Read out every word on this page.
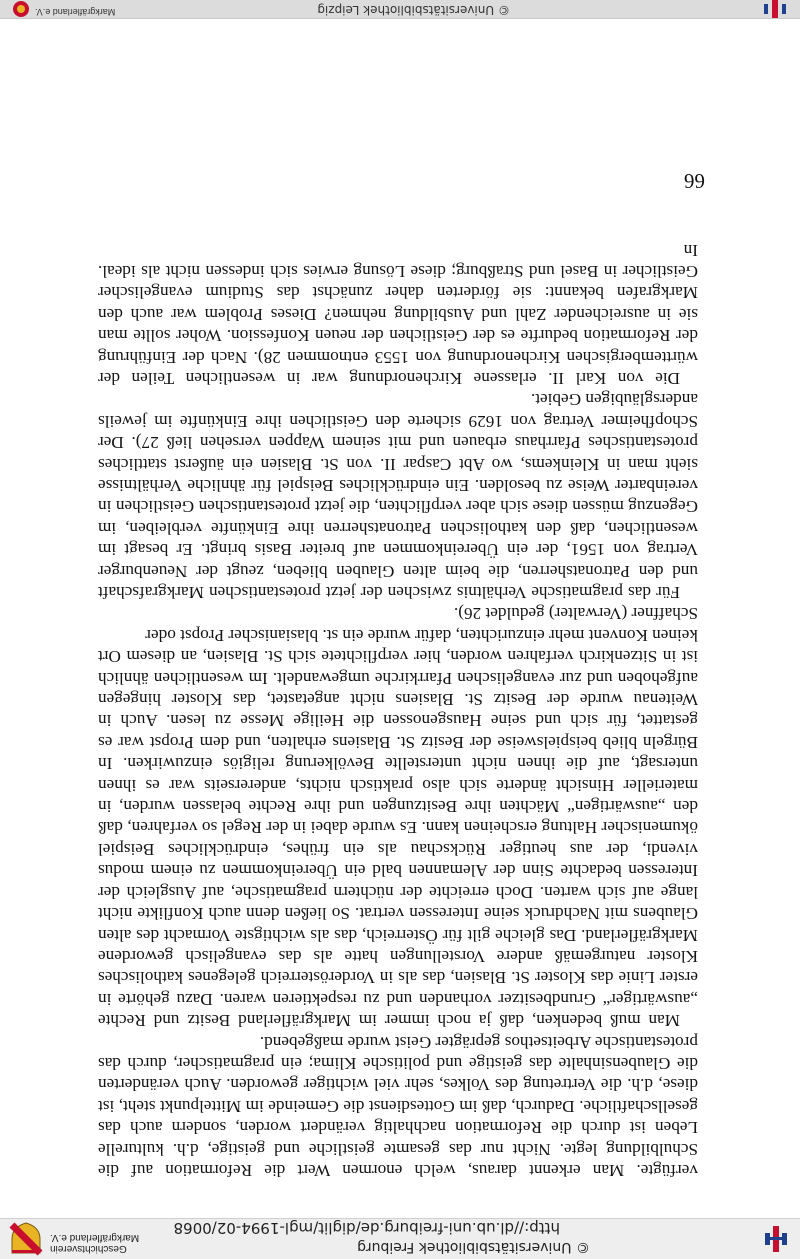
© Universitätsbibliothek Freiburg
http://dl.ub.uni-freiburg.de/diglit/mgl-1994-02/0068
Geschichtsverein
Markgräflerland e.V.
© Universitätsbibliothek Leipzig
Markgräflerland e.V.
66

verfügte. Man erkennt daraus, welch enormen Wert die Reformation auf die Schulbildung legte. Nicht nur das gesamte geistliche und geistige, d.h. kulturelle Leben ist durch die Reformation nachhaltig verändert worden, sondern auch das gesellschaftliche. Dadurch, daß im Gottesdienst die Gemeinde im Mittelpunkt steht, ist diese, d.h. die Vertretung des Volkes, sehr viel wichtiger geworden. Auch veränderten die Glaubensinhalte das geistige und politische Klima; ein pragmatischer, durch das protestantische Arbeitsethos geprägter Geist wurde maßgebend.

Man muß bedenken, daß ja noch immer im Markgräflerland Besitz und Rechte „auswärtiger“ Grundbesitzer vorhanden und zu respektieren waren. Dazu gehörte in erster Linie das Kloster St. Blasien, das als in Vorderösterreich gelegenes katholisches Kloster naturgemäß andere Vorstellungen hatte als das evangelisch gewordene Markgräflerland. Das gleiche gilt für Österreich, das als wichtigste Vormacht des alten Glaubens mit Nachdruck seine Interessen vertrat. So ließen denn auch Konflikte nicht lange auf sich warten. Doch erreichte der nüchtern pragmatische, auf Ausgleich der Interessen bedachte Sinn der Alemannen bald ein Übereinkommen zu einem modus vivendi, der aus heutiger Rückschau als ein frühes, eindrückliches Beispiel ökumenischer Haltung erscheinen kann. Es wurde dabei in der Regel so verfahren, daß den „auswärtigen“ Mächten ihre Besitzungen und ihre Rechte belassen wurden, in materieller Hinsicht änderte sich also praktisch nichts, andererseits war es ihnen untersagt, auf die ihnen nicht unterstellte Bevölkerung religiös einzuwirken. In Bürgeln blieb beispielsweise der Besitz St. Blasiens erhalten, und dem Propst war es gestattet, für sich und seine Hausgenossen die Heilige Messe zu lesen. Auch in Weitenau wurde der Besitz St. Blasiens nicht angetastet, das Kloster hingegen aufgehoben und zur evangelischen Pfarrkirche umgewandelt. Im wesentlichen ähnlich ist in Sitzenkirch verfahren worden, hier verpflichtete sich St. Blasien, an diesem Ort keinen Konvent mehr einzurichten, dafür wurde ein st. blasianischer Propst oder

Schaffner (Verwalter) geduldet 26).

Für das pragmatische Verhältnis zwischen der jetzt protestantischen Markgrafschaft und den Patronatsherren, die beim alten Glauben blieben, zeugt der Neuenburger Vertrag von 1561, der ein Übereinkommen auf breiter Basis bringt. Er besagt im wesentlichen, daß den katholischen Patronatsherren ihre Einkünfte verbleiben, im Gegenzug müssen diese sich aber verpflichten, die jetzt protestantischen Geistlichen in vereinbarter Weise zu besolden. Ein eindrückliches Beispiel für ähnliche Verhältnisse sieht man in Kleinkems, wo Abt Caspar II. von St. Blasien ein äußerst stattliches protestantisches Pfarrhaus erbauen und mit seinem Wappen versehen ließ 27). Der Schopfheimer Vertrag von 1629 sicherte den Geistlichen ihre Einkünfte im jeweils andersgläubigen Gebiet.

Die von Karl II. erlassene Kirchenordnung war in wesentlichen Teilen der württembergischen Kirchenordnung von 1553 entnommen 28). Nach der Einführung der Reformation bedurfte es der Geistlichen der neuen Konfession. Woher sollte man sie in ausreichender Zahl und Ausbildung nehmen? Dieses Problem war auch den Markgrafen bekannt: sie förderten daher zunächst das Studium evangelischer Geistlicher in Basel und Straßburg; diese Lösung erwies sich indessen nicht als ideal. In
